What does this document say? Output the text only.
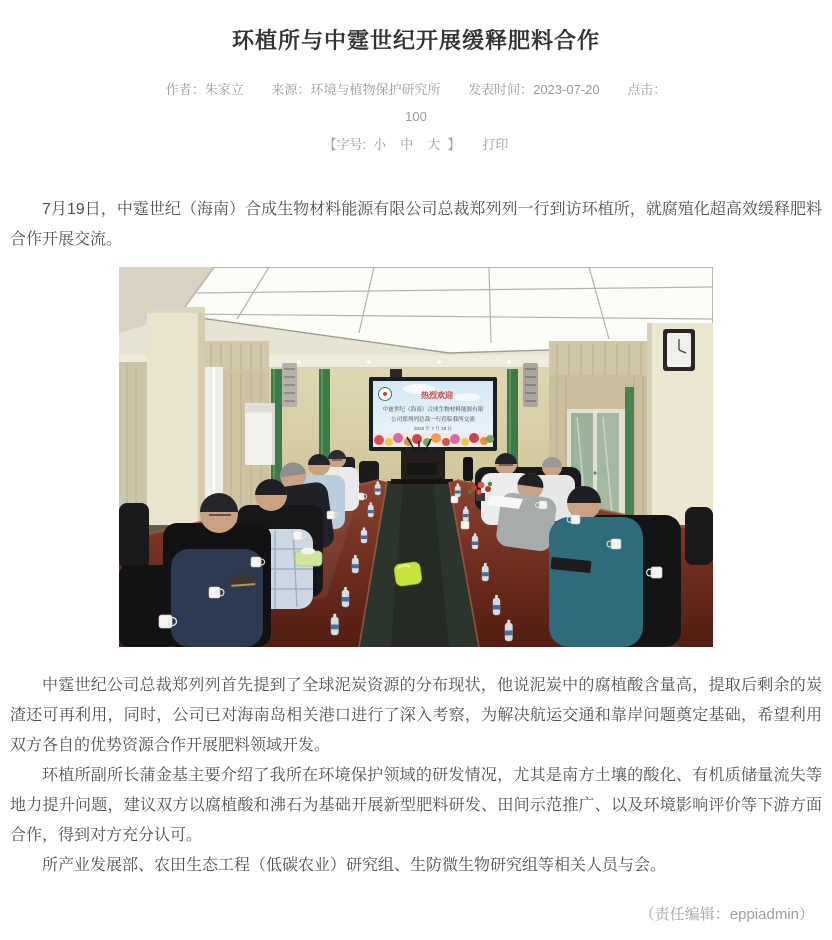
环植所与中霆世纪开展缓释肥料合作
作者：朱家立 来源：环境与植物保护研究所 发表时间：2023-07-20 点击：
100
【字号: 小 中 大 】 打印

7月19日，中霆世纪（海南）合成生物材料能源有限公司总裁郑列列一行到访环植所，就腐殖化超高效缓释肥料合作开展交流。

热烈欢迎
中霆世纪（海南）合成生物材料能源有限
公司郑列列总裁一行莅临我所交流
2023 年 7 月 19 日

中霆世纪公司总裁郑列列首先提到了全球泥炭资源的分布现状，他说泥炭中的腐植酸含量高，提取后剩余的炭渣还可再利用，同时，公司已对海南岛相关港口进行了深入考察，为解决航运交通和靠岸问题奠定基础，希望利用双方各自的优势资源合作开展肥料领域开发。

环植所副所长蒲金基主要介绍了我所在环境保护领域的研发情况，尤其是南方土壤的酸化、有机质储量流失等地力提升问题，建议双方以腐植酸和沸石为基础开展新型肥料研发、田间示范推广、以及环境影响评价等下游方面合作，得到对方充分认可。

所产业发展部、农田生态工程（低碳农业）研究组、生防微生物研究组等相关人员与会。

（责任编辑：eppiadmin）
